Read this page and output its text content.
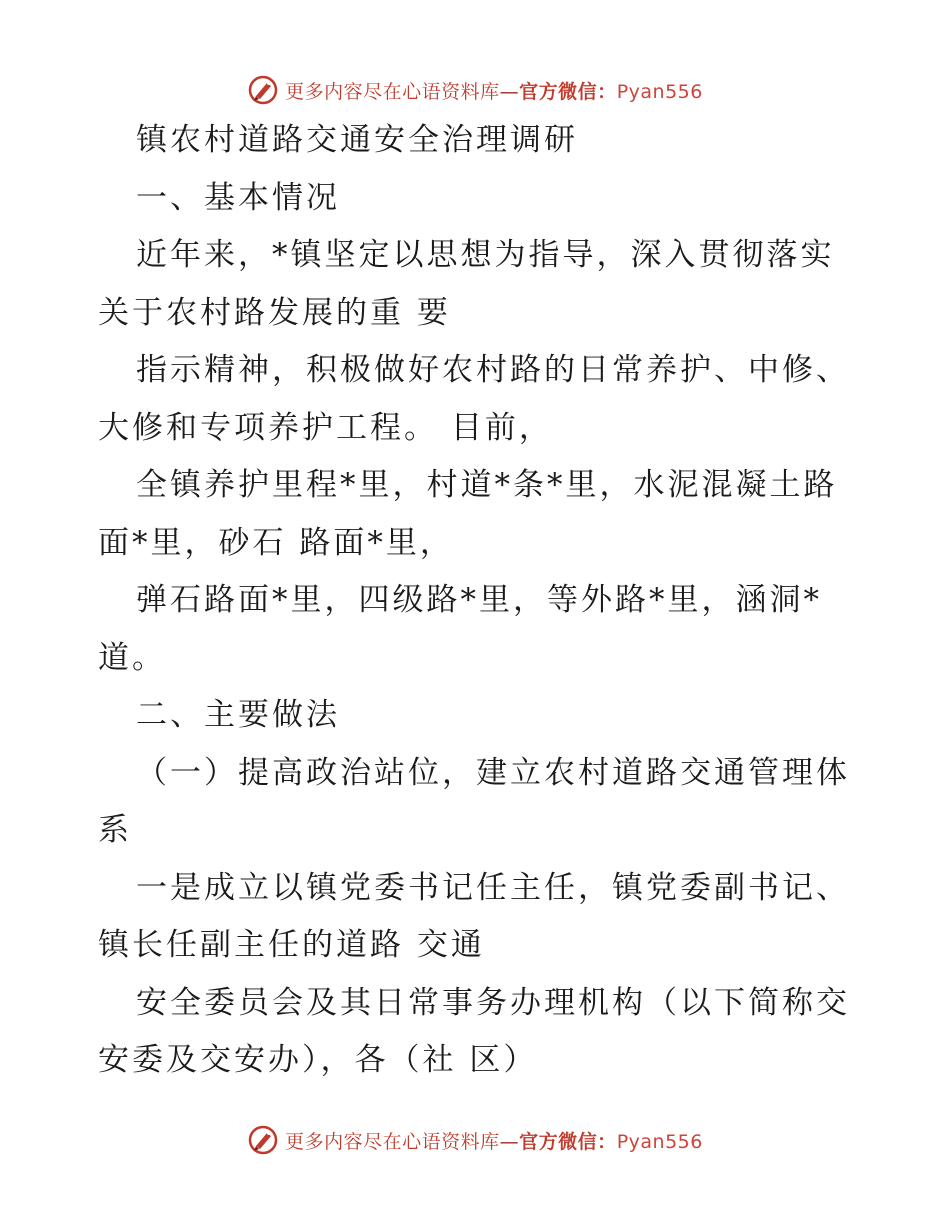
更多内容尽在心语资料库—官方微信：Pyan556
镇农村道路交通安全治理调研
一、基本情况
近年来，*镇坚定以思想为指导，深入贯彻落实
关于农村路发展的重 要
指示精神，积极做好农村路的日常养护、中修、
大修和专项养护工程。 目前，
全镇养护里程*里，村道*条*里，水泥混凝土路
面*里，砂石 路面*里，
弹石路面*里，四级路*里，等外路*里，涵洞*
道。
二、主要做法
（一）提高政治站位，建立农村道路交通管理体
系
一是成立以镇党委书记任主任，镇党委副书记、
镇长任副主任的道路 交通
安全委员会及其日常事务办理机构（以下简称交
安委及交安办），各（社 区）
更多内容尽在心语资料库—官方微信：Pyan556
